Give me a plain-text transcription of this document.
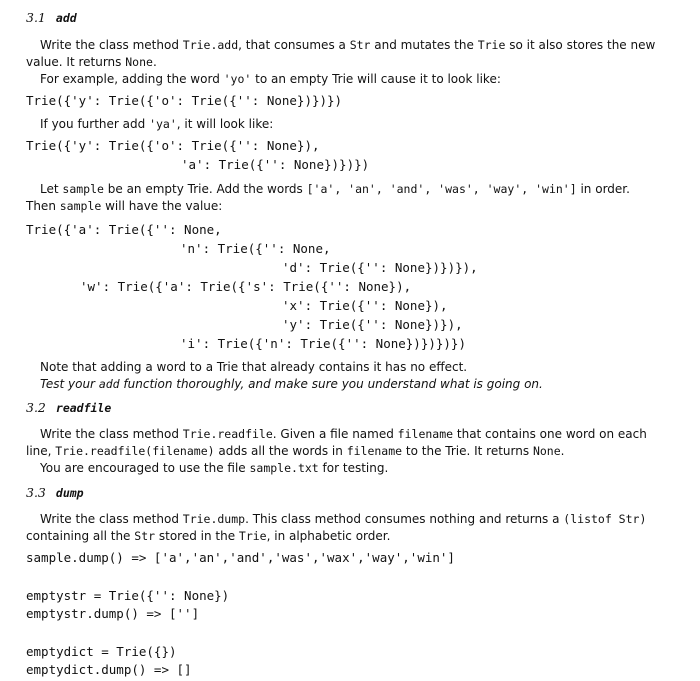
3.1 add
Write the class method Trie.add, that consumes a Str and mutates the Trie so it also stores the new
value. It returns None.
For example, adding the word 'yo' to an empty Trie will cause it to look like:
Trie({'y': Trie({'o': Trie({'': None})})})
If you further add 'ya', it will look like:
Trie({'y': Trie({'o': Trie({'': None}),
'a': Trie({'': None})})})
Let sample be an empty Trie. Add the words ['a', 'an', 'and', 'was', 'way', 'win'] in order.
Then sample will have the value:
Trie({'a': Trie({'': None,
'n': Trie({'': None,
'd': Trie({'': None})})}),
'w': Trie({'a': Trie({'s': Trie({'': None}),
'x': Trie({'': None}),
'y': Trie({'': None})}),
'i': Trie({'n': Trie({'': None})})})})
Note that adding a word to a Trie that already contains it has no effect.
Test your add function thoroughly, and make sure you understand what is going on.
3.2 readfile
Write the class method Trie.readfile. Given a file named filename that contains one word on each
line, Trie.readfile(filename) adds all the words in filename to the Trie. It returns None.
You are encouraged to use the file sample.txt for testing.
3.3 dump
Write the class method Trie.dump. This class method consumes nothing and returns a (listof Str)
containing all the Str stored in the Trie, in alphabetic order.
sample.dump() => ['a','an','and','was','wax','way','win']
emptystr = Trie({'': None})
emptystr.dump() => ['']
emptydict = Trie({})
emptydict.dump() => []
